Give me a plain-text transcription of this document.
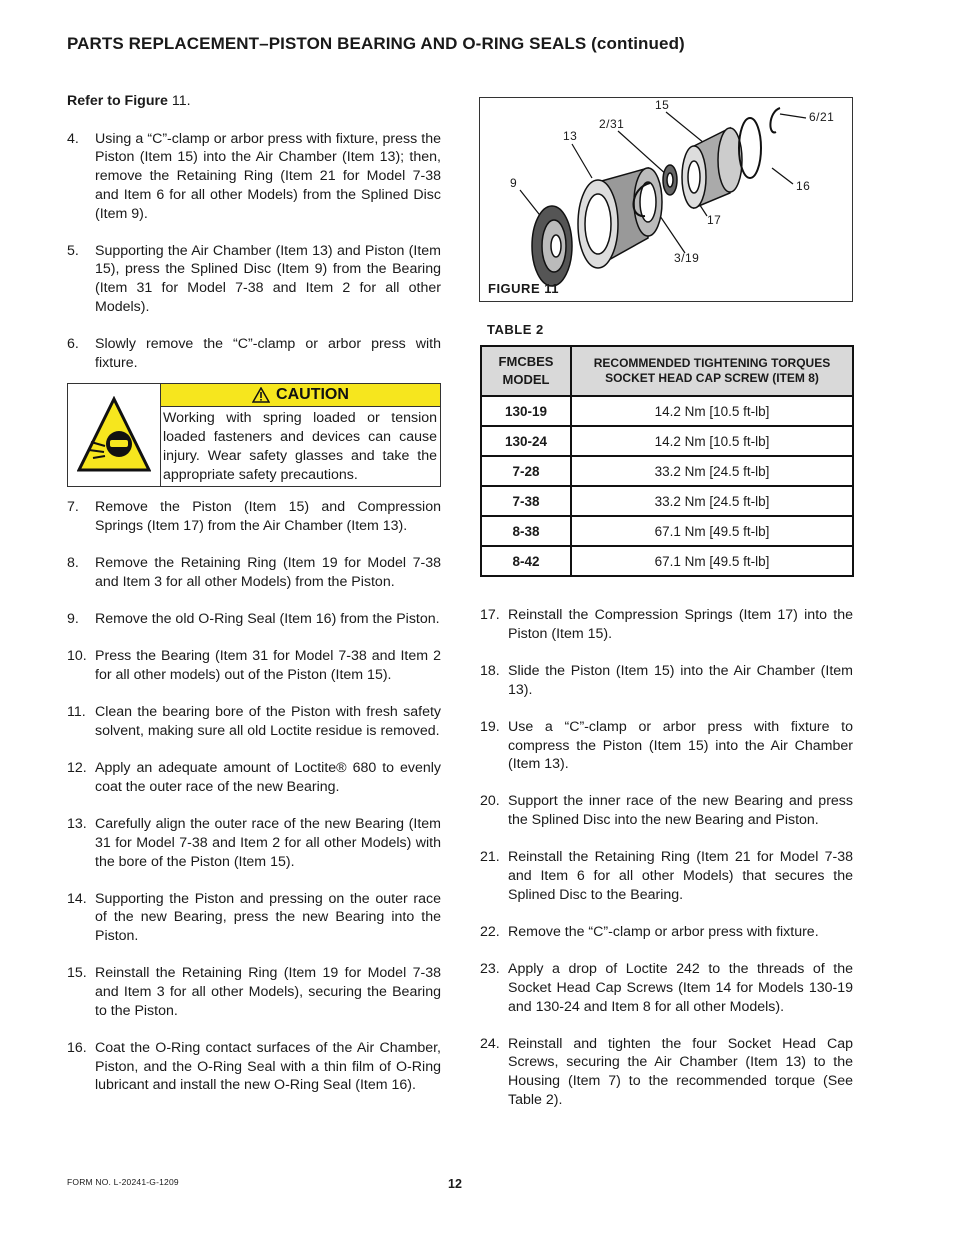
PARTS REPLACEMENT–PISTON BEARING AND O-RING SEALS (continued)

Refer to Figure 11.

4.	Using a “C”-clamp or arbor press with fixture, press the Piston (Item 15) into the Air Chamber (Item 13); then, remove the Retaining Ring (Item 21 for Model 7-38 and Item 6 for all other Models) from the Splined Disc (Item 9).
5.	Supporting the Air Chamber (Item 13) and Piston (Item 15), press the Splined Disc (Item 9) from the Bearing (Item 31 for Model 7-38 and Item 2 for all other Models).
6.	Slowly remove the “C”-clamp or arbor press with fixture.
CAUTION
Working with spring loaded or tension loaded fasteners and devices can cause injury. Wear safety glasses and take the appropriate safety precautions.
7.	Remove the Piston (Item 15) and Compression Springs (Item 17) from the Air Chamber (Item 13).
8.	Remove the Retaining Ring (Item 19 for Model 7-38 and Item 3 for all other Models) from the Piston.
9.	Remove the old O-Ring Seal (Item 16) from the Piston.
10. Press the Bearing (Item 31 for Model 7-38 and Item 2 for all other models) out of the Piston (Item 15).
11. Clean the bearing bore of the Piston with fresh safety solvent, making sure all old Loctite residue is removed.
12. Apply an adequate amount of Loctite® 680 to evenly coat the outer race of the new Bearing.
13. Carefully align the outer race of the new Bearing (Item 31 for Model 7-38 and Item 2 for all other Models) with the bore of the Piston (Item 15).
14. Supporting the Piston and pressing on the outer race of the new Bearing, press the new Bearing into the Piston.
15. Reinstall the Retaining Ring (Item 19 for Model 7-38 and Item 3 for all other Models), securing the Bearing to the Piston.
16. Coat the O-Ring contact surfaces of the Air Chamber, Piston, and the O-Ring Seal with a thin film of O-Ring lubricant and install the new O-Ring Seal (Item 16).
15
2/31
13
6/21
9	16
17
3/19
FIGURE 11
TABLE 2
FMCBES MODEL	RECOMMENDED TIGHTENING TORQUES
SOCKET HEAD CAP SCREW (ITEM 8)
130-19	14.2 Nm [10.5 ft-lb]
130-24	14.2 Nm [10.5 ft-lb]
7-28	33.2 Nm [24.5 ft-lb]
7-38	33.2 Nm [24.5 ft-lb]
8-38	67.1 Nm [49.5 ft-lb]
8-42	67.1 Nm [49.5 ft-lb]
17. Reinstall the Compression Springs (Item 17) into the Piston (Item 15).
18. Slide the Piston (Item 15) into the Air Chamber (Item 13).
19. Use a “C”-clamp or arbor press with fixture to compress the Piston (Item 15) into the Air Chamber (Item 13).
20. Support the inner race of the new Bearing and press the Splined Disc into the new Bearing and Piston.
21. Reinstall the Retaining Ring (Item 21 for Model 7-38 and Item 6 for all other Models) that secures the Splined Disc to the Bearing.
22. Remove the “C”-clamp or arbor press with fixture.
23. Apply a drop of Loctite 242 to the threads of the Socket Head Cap Screws (Item 14 for Models 130-19 and 130-24 and Item 8 for all other Models).
24. Reinstall and tighten the four Socket Head Cap Screws, securing the Air Chamber (Item 13) to the Housing (Item 7) to the recommended torque (See Table 2).
FORM NO. L-20241-G-1209	12
